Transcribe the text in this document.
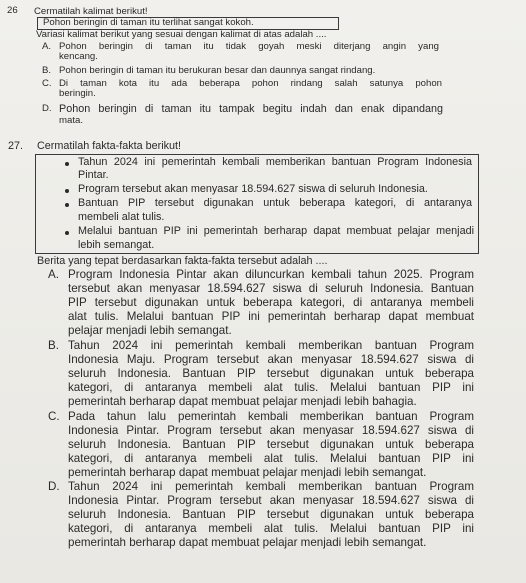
26 Cermatilah kalimat berikut!
Pohon beringin di taman itu terlihat sangat kokoh.
Variasi kalimat berikut yang sesuai dengan kalimat di atas adalah ....
A. Pohon beringin di taman itu tidak goyah meski diterjang angin yang
kencang.
B. Pohon beringin di taman itu berukuran besar dan daunnya sangat rindang.
C. Di taman kota itu ada beberapa pohon rindang salah satunya pohon
beringin.
D. Pohon beringin di taman itu tampak begitu indah dan enak dipandang
mata.
27. Cermatilah fakta-fakta berikut!
Tahun 2024 ini pemerintah kembali memberikan bantuan Program Indonesia
Pintar.
Program tersebut akan menyasar 18.594.627 siswa di seluruh Indonesia.
Bantuan PIP tersebut digunakan untuk beberapa kategori, di antaranya
membeli alat tulis.
Melalui bantuan PIP ini pemerintah berharap dapat membuat pelajar menjadi
lebih semangat.
Berita yang tepat berdasarkan fakta-fakta tersebut adalah ....
A. Program Indonesia Pintar akan diluncurkan kembali tahun 2025. Program
tersebut akan menyasar 18.594.627 siswa di seluruh Indonesia. Bantuan
PIP tersebut digunakan untuk beberapa kategori, di antaranya membeli
alat tulis. Melalui bantuan PIP ini pemerintah berharap dapat membuat
pelajar menjadi lebih semangat.
B. Tahun 2024 ini pemerintah kembali memberikan bantuan Program
Indonesia Maju. Program tersebut akan menyasar 18.594.627 siswa di
seluruh Indonesia. Bantuan PIP tersebut digunakan untuk beberapa
kategori, di antaranya membeli alat tulis. Melalui bantuan PIP ini
pemerintah berharap dapat membuat pelajar menjadi lebih bahagia.
C. Pada tahun lalu pemerintah kembali memberikan bantuan Program
Indonesia Pintar. Program tersebut akan menyasar 18.594.627 siswa di
seluruh Indonesia. Bantuan PIP tersebut digunakan untuk beberapa
kategori, di antaranya membeli alat tulis. Melalui bantuan PIP ini
pemerintah berharap dapat membuat pelajar menjadi lebih semangat.
D. Tahun 2024 ini pemerintah kembali memberikan bantuan Program
Indonesia Pintar. Program tersebut akan menyasar 18.594.627 siswa di
seluruh Indonesia. Bantuan PIP tersebut digunakan untuk beberapa
kategori, di antaranya membeli alat tulis. Melalui bantuan PIP ini
pemerintah berharap dapat membuat pelajar menjadi lebih semangat.
